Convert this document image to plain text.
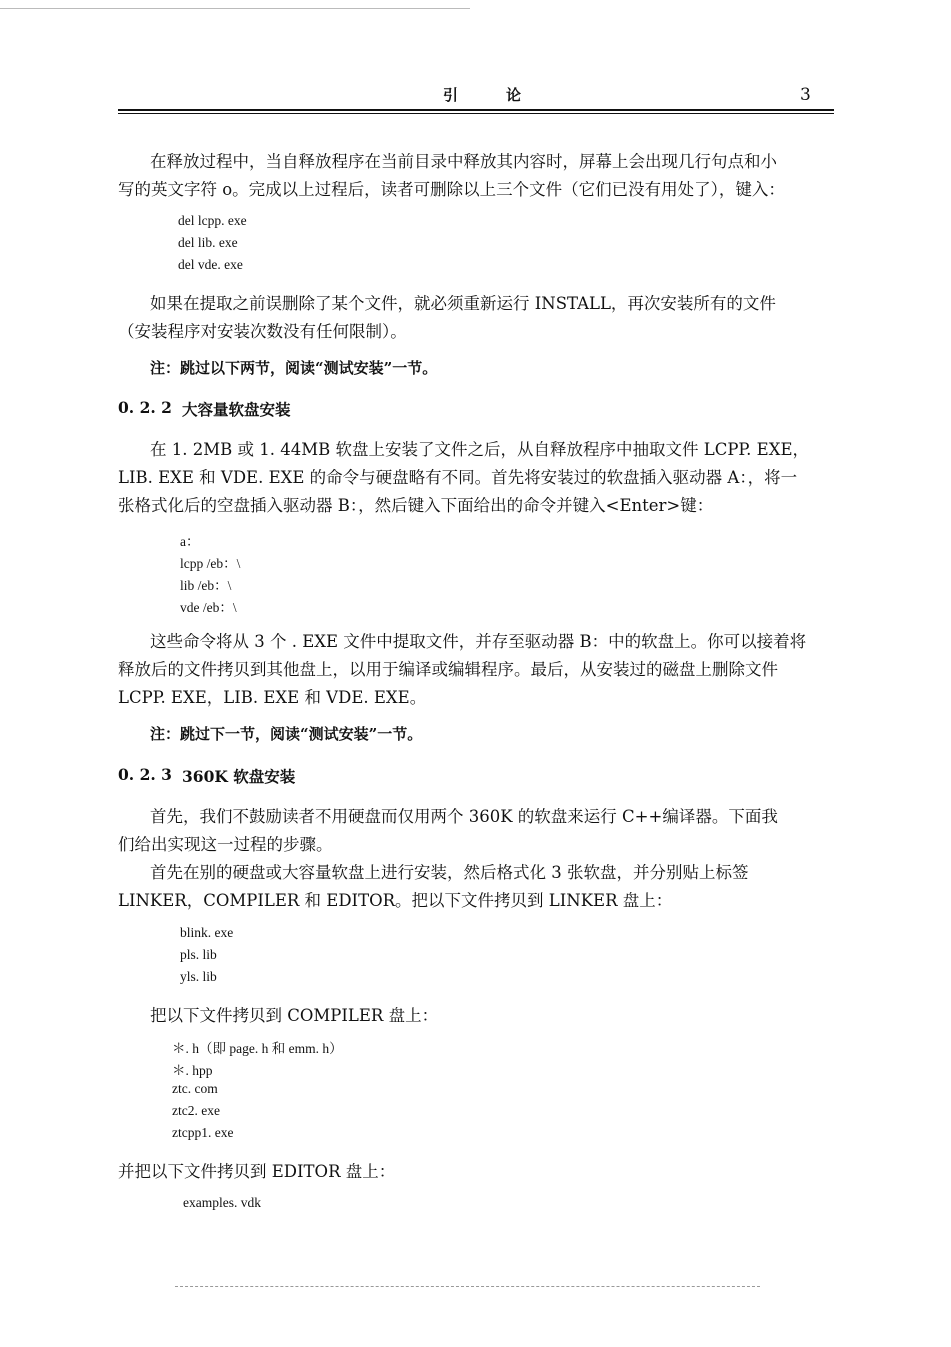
引论	3
在释放过程中，当自释放程序在当前目录中释放其内容时，屏幕上会出现几行句点和小
写的英文字符 o。完成以上过程后，读者可删除以上三个文件（它们已没有用处了），键入：
del lcpp. exe
del lib. exe
del vde. exe
如果在提取之前误删除了某个文件，就必须重新运行 INSTALL，再次安装所有的文件
（安装程序对安装次数没有任何限制）。
注：跳过以下两节，阅读“测试安装”一节。
0. 2. 2 大容量软盘安装
在 1. 2MB 或 1. 44MB 软盘上安装了文件之后，从自释放程序中抽取文件 LCPP. EXE，
LIB. EXE 和 VDE. EXE 的命令与硬盘略有不同。首先将安装过的软盘插入驱动器 A：，将一
张格式化后的空盘插入驱动器 B：，然后键入下面给出的命令并键入<Enter>键：
a：
lcpp /eb：\
lib /eb：\
vde /eb：\
这些命令将从 3 个 . EXE 文件中提取文件，并存至驱动器 B：中的软盘上。你可以接着将
释放后的文件拷贝到其他盘上，以用于编译或编辑程序。最后，从安装过的磁盘上删除文件
LCPP. EXE，LIB. EXE 和 VDE. EXE。
注：跳过下一节，阅读“测试安装”一节。
0. 2. 3 360K 软盘安装
首先，我们不鼓励读者不用硬盘而仅用两个 360K 的软盘来运行 C++编译器。下面我
们给出实现这一过程的步骤。
首先在别的硬盘或大容量软盘上进行安装，然后格式化 3 张软盘，并分别贴上标签
LINKER，COMPILER 和 EDITOR。把以下文件拷贝到 LINKER 盘上：
blink. exe
pls. lib
yls. lib
把以下文件拷贝到 COMPILER 盘上：
＊. h（即 page. h 和 emm. h）
＊. hpp
ztc. com
ztc2. exe
ztcpp1. exe
并把以下文件拷贝到 EDITOR 盘上：
examples. vdk
